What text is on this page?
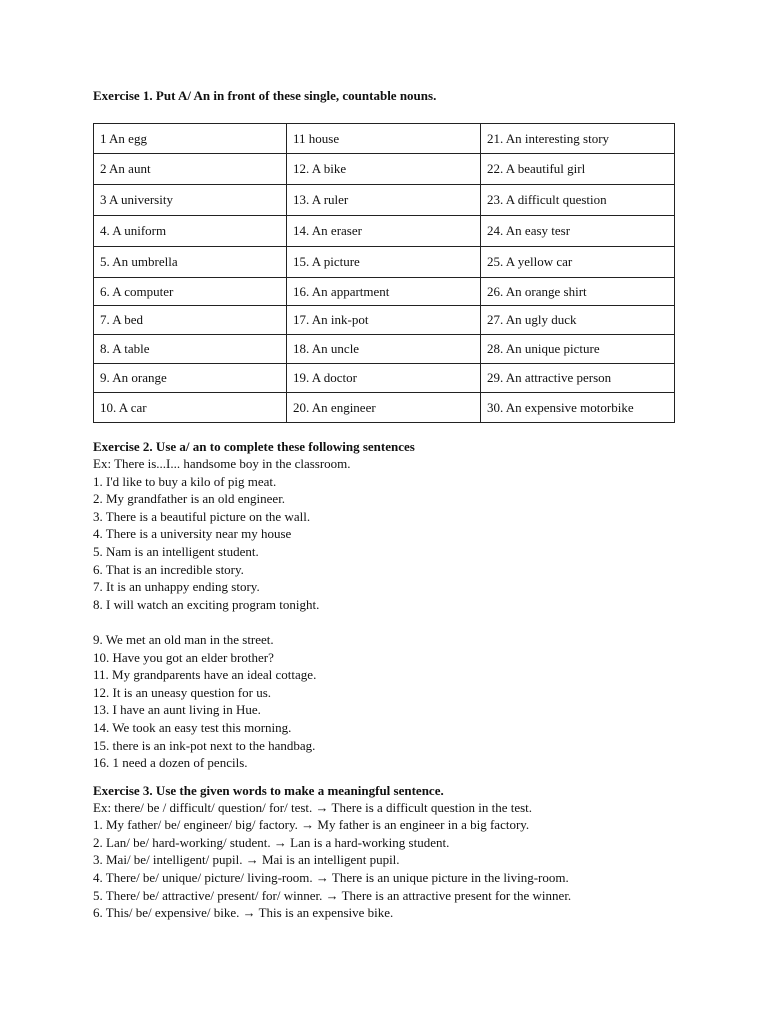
Exercise 1. Put A/ An in front of these single, countable nouns.

1 An egg	11 house	21. An interesting story
2 An aunt	12. A bike	22. A beautiful girl
3 A university	13. A ruler	23. A difficult question
4. A uniform	14. An eraser	24. An easy tesr
5. An umbrella	15. A picture	25. A yellow car
6. A computer	16. An appartment	26. An orange shirt
7. A bed	17. An ink-pot	27. An ugly duck
8. A table	18. An uncle	28. An unique picture
9. An orange	19. A doctor	29. An attractive person
10. A car	20. An engineer	30. An expensive motorbike

Exercise 2. Use a/ an to complete these following sentences

Ex: There is...I... handsome boy in the classroom.
1. I'd like to buy a kilo of pig meat.
2. My grandfather is an old engineer.
3. There is a beautiful picture on the wall.
4. There is a university near my house
5. Nam is an intelligent student.
6. That is an incredible story.
7. It is an unhappy ending story.
8. I will watch an exciting program tonight.
9. We met an old man in the street.
10. Have you got an elder brother?
11. My grandparents have an ideal cottage.
12. It is an uneasy question for us.
13. I have an aunt living in Hue.
14. We took an easy test this morning.
15. there is an ink-pot next to the handbag.
16. 1 need a dozen of pencils.

Exercise 3. Use the given words to make a meaningful sentence.

Ex: there/ be / difficult/ question/ for/ test. → There is a difficult question in the test.
1. My father/ be/ engineer/ big/ factory. → My father is an engineer in a big factory.
2. Lan/ be/ hard-working/ student. → Lan is a hard-working student.
3. Mai/ be/ intelligent/ pupil. → Mai is an intelligent pupil.
4. There/ be/ unique/ picture/ living-room. → There is an unique picture in the living-room.
5. There/ be/ attractive/ present/ for/ winner. → There is an attractive present for the winner.
6. This/ be/ expensive/ bike. → This is an expensive bike.
